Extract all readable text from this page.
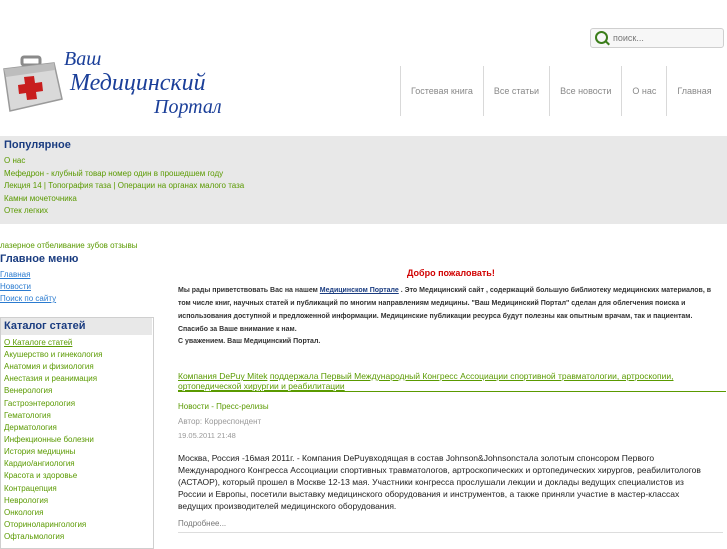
поиск...
Ваш
Медицинский
Портал
Гостевая книга	Все статьи	Все новости	О нас	Главная
Популярное
О нас
Мефедрон - клубный товар номер один в прошедшем году
Лекция 14 | Топография таза | Операции на органах малого таза
Камни мочеточника
Отек легких
лазерное отбеливание зубов отзывы
Главное меню
Главная
Новости
Поиск по сайту
Каталог статей
О Каталоге статей
Акушерство и гинекология
Анатомия и физиология
Анестазия и реанимация
Венерология
Гастроэнтерология
Гематология
Дерматология
Инфекционные болезни
История медицины
Кардио/ангиология
Красота и здоровье
Контрацепция
Неврология
Онкология
Оториноларингология
Офтальмология
Добро пожаловать!
Мы рады приветствовать Вас на нашем Медицинском Портале . Это Медицинский сайт , содержащий большую библиотеку медицинских материалов, в том числе книг, научных статей и публикаций по многим направлениям медицины. "Ваш Медицинский Портал" сделан для облегчения поиска и использования доступной и предложенной информации. Медицинские публикации ресурса будут полезны как опытным врачам, так и пациентам. Спасибо за Ваше внимание к нам.
С уважением. Ваш Медицинский Портал.
Компания DePuy Mitek поддержала Первый Международный Конгресс Ассоциации спортивной травматологии, артроскопии, ортопедической хирургии и реабилитации
Новости - Пресс-релизы
Автор: Корреспондент
19.05.2011 21:48
Москва, Россия -16мая 2011г. - Компания DePuyвходящая в состав Johnson&Johnsonстала золотым спонсором Первого Международного Конгресса Ассоциации спортивных травматологов, артроскопических и ортопедических хирургов, реабилитологов (АСТАОР), который прошел в Москве 12-13 мая. Участники конгресса прослушали лекции и доклады ведущих специалистов из России и Европы, посетили выставку медицинского оборудования и инструментов, а также приняли участие в мастер-классах ведущих производителей медицинского оборудования.
Подробнее...
